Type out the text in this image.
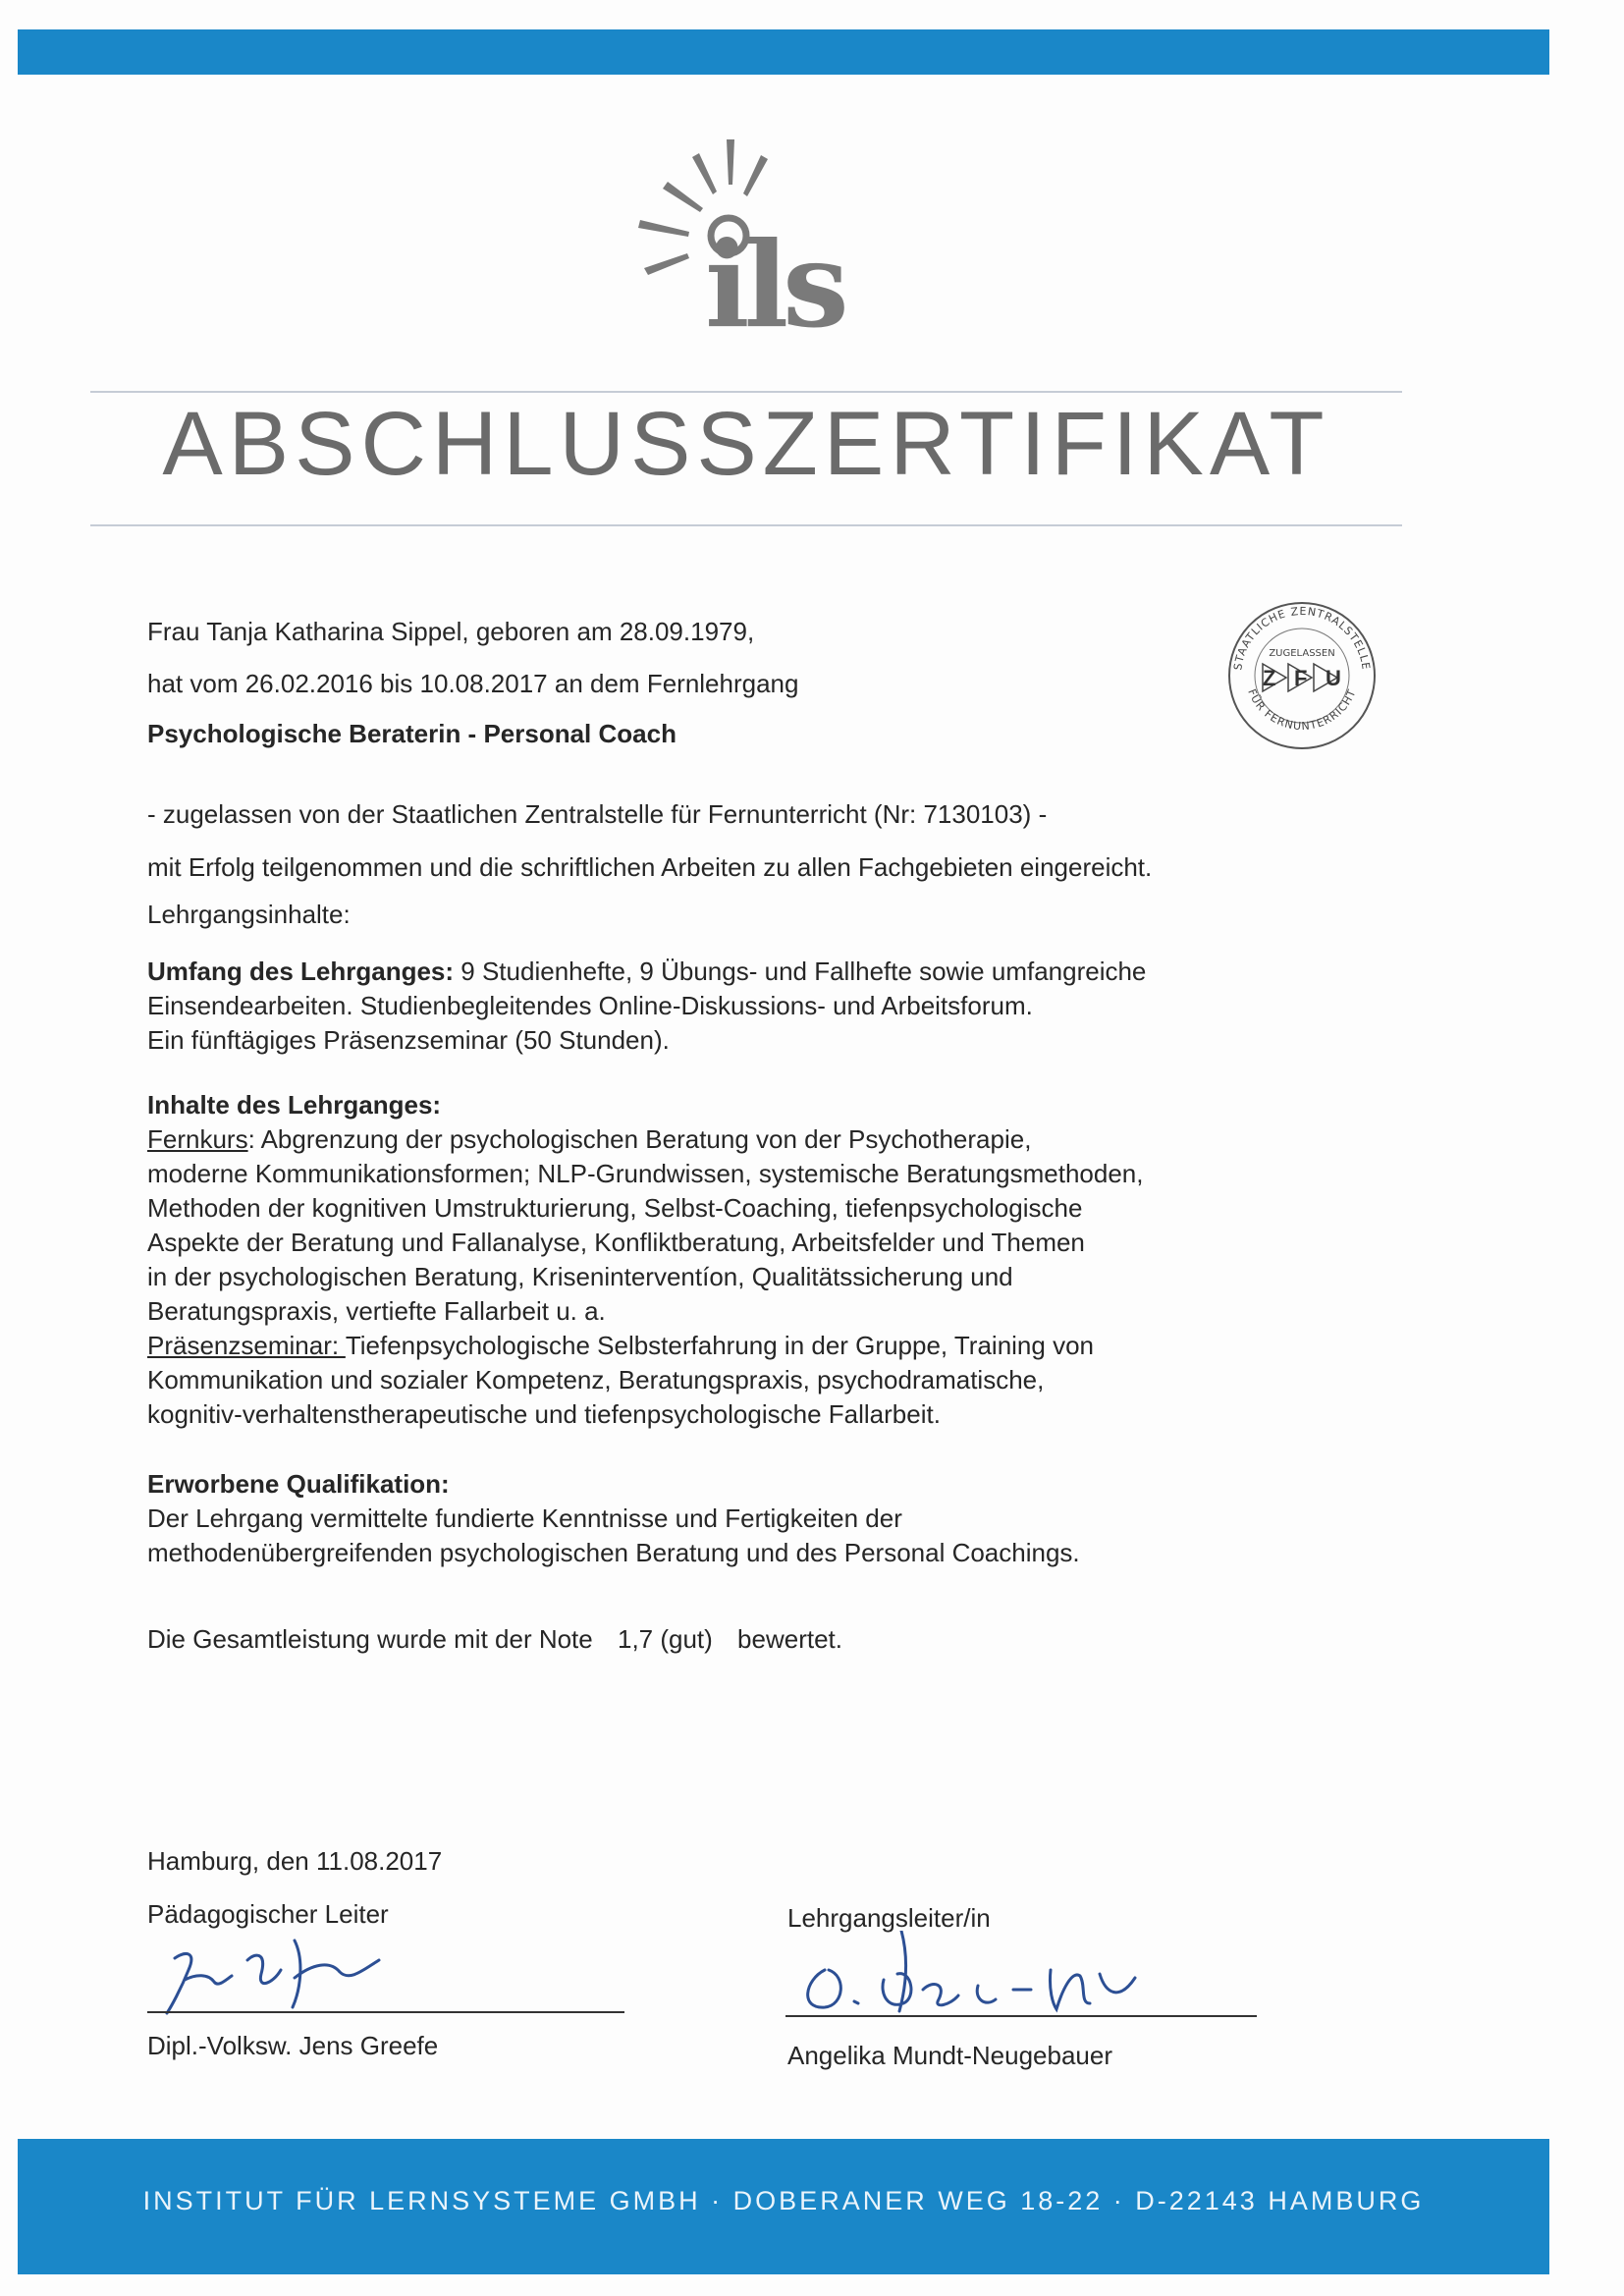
ils
ABSCHLUSSZERTIFIKAT
STAATLICHE ZENTRALSTELLE
FÜR FERNUNTERRICHT
ZUGELASSEN
Z F U
Frau Tanja Katharina Sippel, geboren am 28.09.1979,
hat vom 26.02.2016 bis 10.08.2017 an dem Fernlehrgang
Psychologische Beraterin - Personal Coach
- zugelassen von der Staatlichen Zentralstelle für Fernunterricht (Nr: 7130103) -
mit Erfolg teilgenommen und die schriftlichen Arbeiten zu allen Fachgebieten eingereicht.
Lehrgangsinhalte:
Umfang des Lehrganges: 9 Studienhefte, 9 Übungs- und Fallhefte sowie umfangreiche
Einsendearbeiten. Studienbegleitendes Online-Diskussions- und Arbeitsforum.
Ein fünftägiges Präsenzseminar (50 Stunden).
Inhalte des Lehrganges:
Fernkurs: Abgrenzung der psychologischen Beratung von der Psychotherapie,
moderne Kommunikationsformen; NLP-Grundwissen, systemische Beratungsmethoden,
Methoden der kognitiven Umstrukturierung, Selbst-Coaching, tiefenpsychologische
Aspekte der Beratung und Fallanalyse, Konfliktberatung, Arbeitsfelder und Themen
in der psychologischen Beratung, Kriseninterventíon, Qualitätssicherung und
Beratungspraxis, vertiefte Fallarbeit u. a.
Präsenzseminar: Tiefenpsychologische Selbsterfahrung in der Gruppe, Training von
Kommunikation und sozialer Kompetenz, Beratungspraxis, psychodramatische,
kognitiv-verhaltenstherapeutische und tiefenpsychologische Fallarbeit.
Erworbene Qualifikation:
Der Lehrgang vermittelte fundierte Kenntnisse und Fertigkeiten der
methodenübergreifenden psychologischen Beratung und des Personal Coachings.
Die Gesamtleistung wurde mit der Note 1,7 (gut) bewertet.
Hamburg, den 11.08.2017
Pädagogischer Leiter	Lehrgangsleiter/in
Dipl.-Volksw. Jens Greefe	Angelika Mundt-Neugebauer
INSTITUT FÜR LERNSYSTEME GMBH · DOBERANER WEG 18-22 · D-22143 HAMBURG
